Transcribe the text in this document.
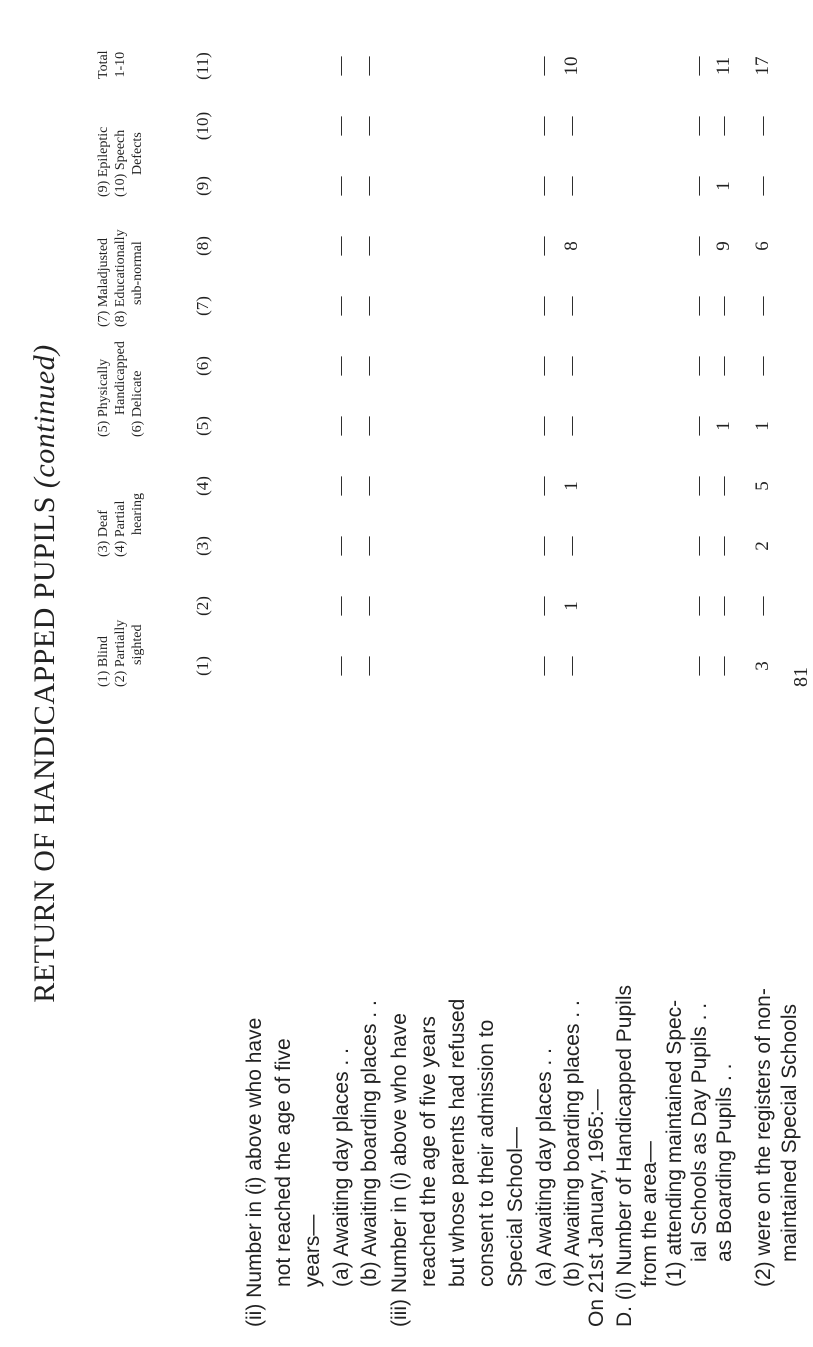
RETURN OF HANDICAPPED PUPILS (continued)
(1) Blind (2) Partially sighted
(3) Deaf (4) Partial hearing
(5) Physically Handicapped (6) Delicate
(7) Maladjusted (8) Educationally sub-normal
(9) Epileptic (10) Speech Defects
Total 1-10
(1)
(2)
(3)
(4)
(5)
(6)
(7)
(8)
(9)
(10)
(11)
(ii) Number in (i) above who have not reached the age of five years— (a) Awaiting day places . . (b) Awaiting boarding places . . (iii) Number in (i) above who have reached the age of five years but whose parents had refused consent to their admission to Special School— (a) Awaiting day places . . (b) Awaiting boarding places . . On 21st January, 1965:— D. (i) Number of Handicapped Pupils from the area— (1) attending maintained Spec- ial Schools as Day Pupils . . as Boarding Pupils . .
—
—
—
—
—
—
—
—
—
—
—
—
—
—
—
—
—
—
—
—
—
—
—
—
—
—
—
—
—
—
—
—
—
—
1
—
1
—
—
—
8
—
—
10
—
—
—
—
—
—
—
—
—
—
—
—
—
—
—
1
—
—
9
1
—
11
3
—
2
5
1
—
—
6
—
—
17
81
(2) were on the registers of non- maintained Special Schools
